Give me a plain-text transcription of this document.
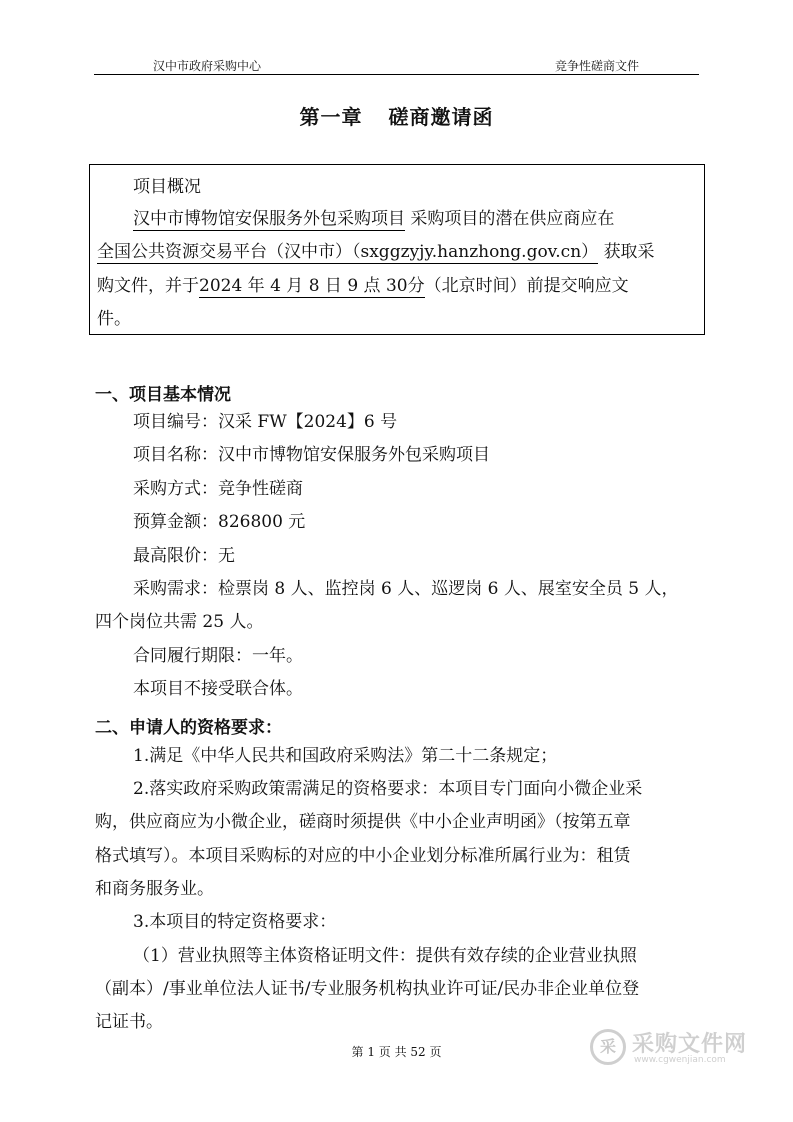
汉中市政府采购中心	竞争性磋商文件
第一章 磋商邀请函
项目概况
汉中市博物馆安保服务外包采购项目 采购项目的潜在供应商应在
全国公共资源交易平台（汉中市）（sxggzyjy.hanzhong.gov.cn） 获取采
购文件，并于2024 年 4 月 8 日 9 点 30分（北京时间）前提交响应文
件。
一、项目基本情况
项目编号：汉采 FW【2024】6 号
项目名称：汉中市博物馆安保服务外包采购项目
采购方式：竞争性磋商
预算金额：826800 元
最高限价：无
采购需求：检票岗 8 人、监控岗 6 人、巡逻岗 6 人、展室安全员 5 人，
四个岗位共需 25 人。
合同履行期限：一年。
本项目不接受联合体。
二、申请人的资格要求：
1.满足《中华人民共和国政府采购法》第二十二条规定；
2.落实政府采购政策需满足的资格要求：本项目专门面向小微企业采
购，供应商应为小微企业，磋商时须提供《中小企业声明函》（按第五章
格式填写）。本项目采购标的对应的中小企业划分标准所属行业为：租赁
和商务服务业。
3.本项目的特定资格要求：
（1）营业执照等主体资格证明文件：提供有效存续的企业营业执照
（副本）/事业单位法人证书/专业服务机构执业许可证/民办非企业单位登
记证书。
第 1 页 共 52 页	采 采购文件网
www.cgwenjian.com
